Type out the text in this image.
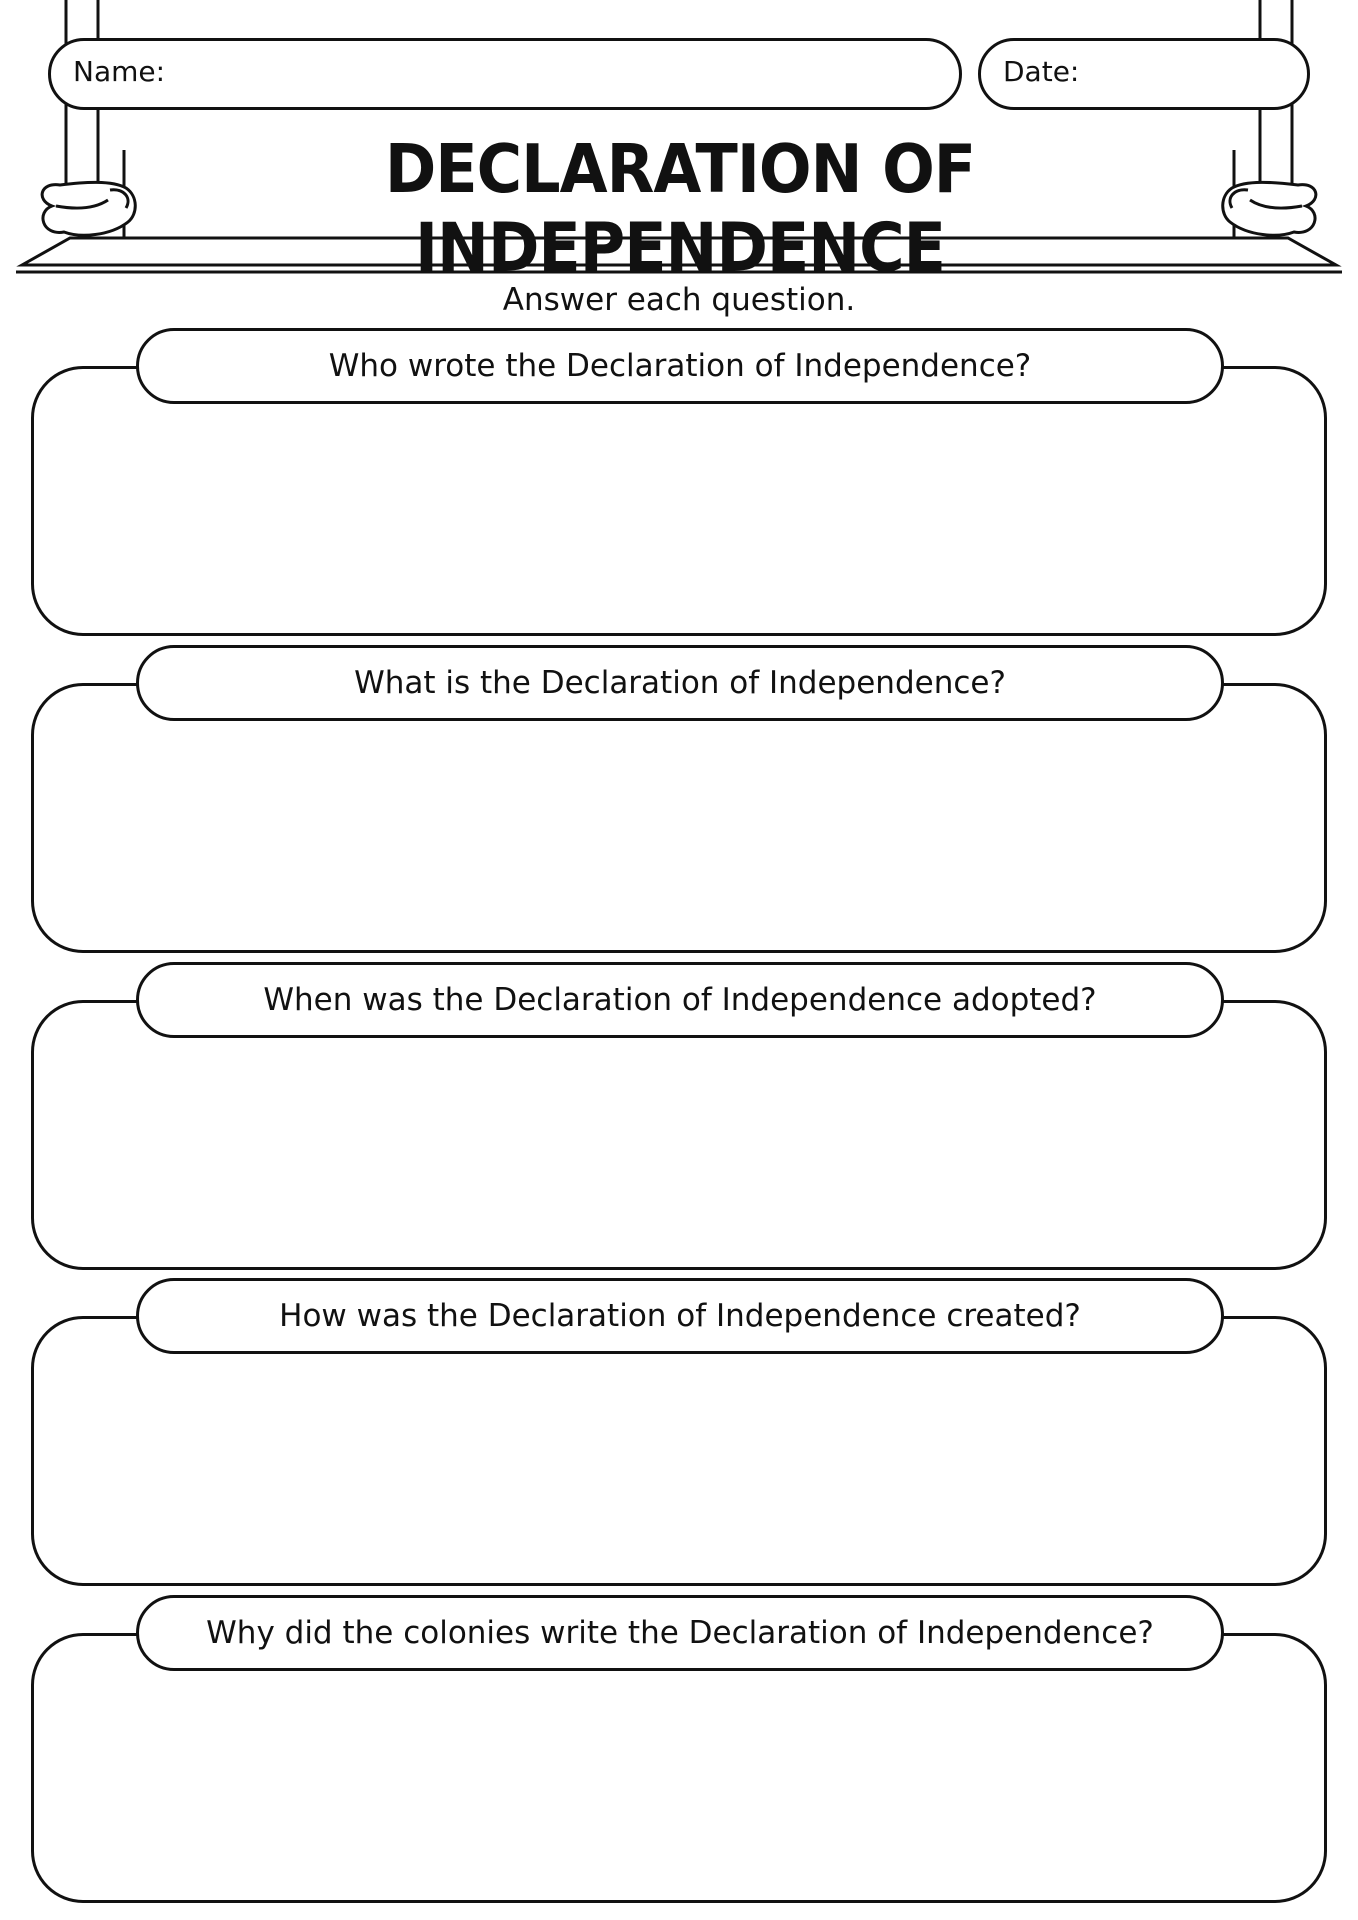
Name:	Date:
DECLARATION OF INDEPENDENCE
Answer each question.
Who wrote the Declaration of Independence?
What is the Declaration of Independence?
When was the Declaration of Independence adopted?
How was the Declaration of Independence created?
Why did the colonies write the Declaration of Independence?
